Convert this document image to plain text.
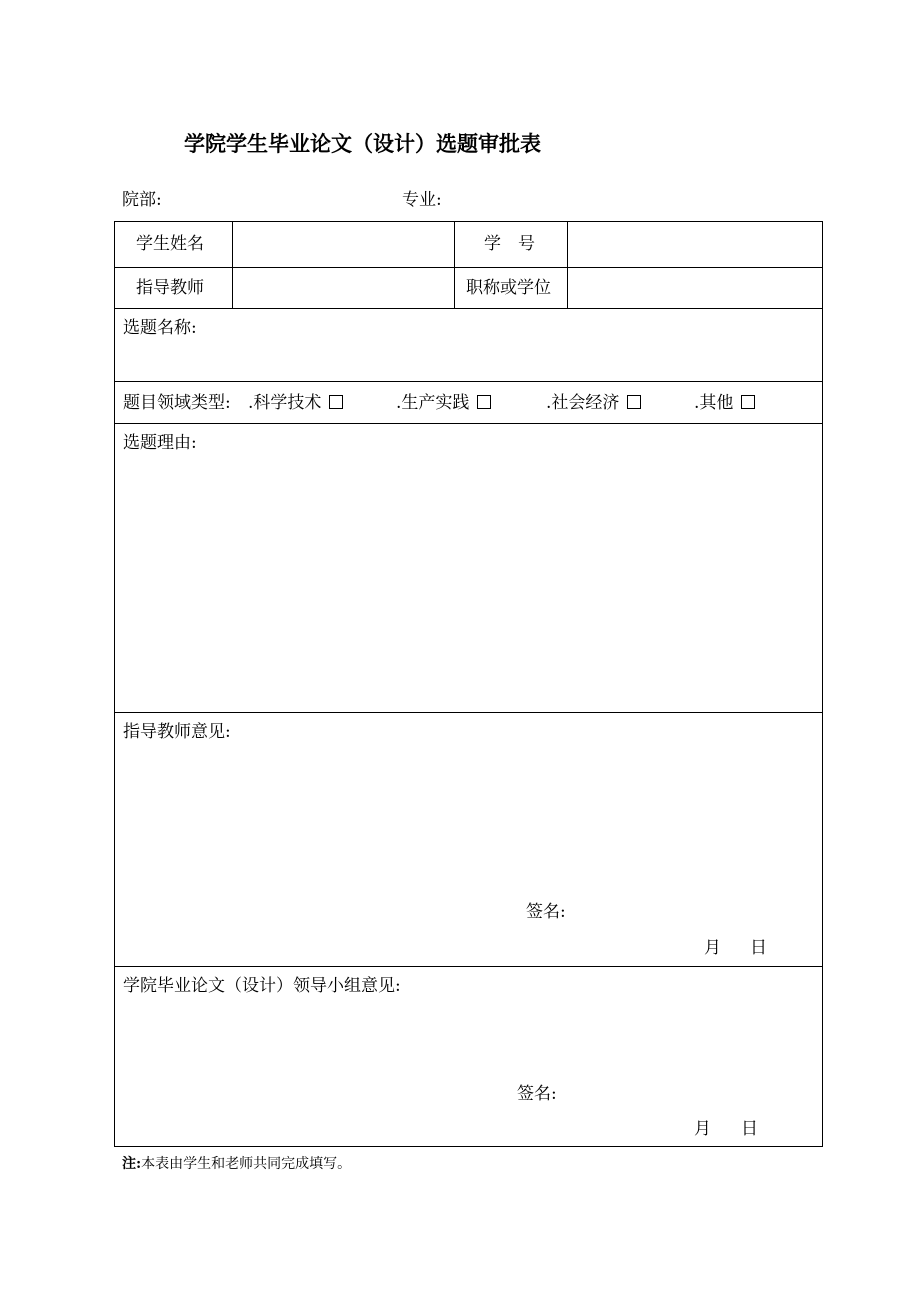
学院学生毕业论文（设计）选题审批表
院部:	专业:
学生姓名	学　号
指导教师	职称或学位
选题名称:
题目领域类型: .科学技术	.生产实践	.社会经济	.其他
选题理由:
指导教师意见:
签名:
月 日
学院毕业论文（设计）领导小组意见:
签名:
月 日
注:本表由学生和老师共同完成填写。
